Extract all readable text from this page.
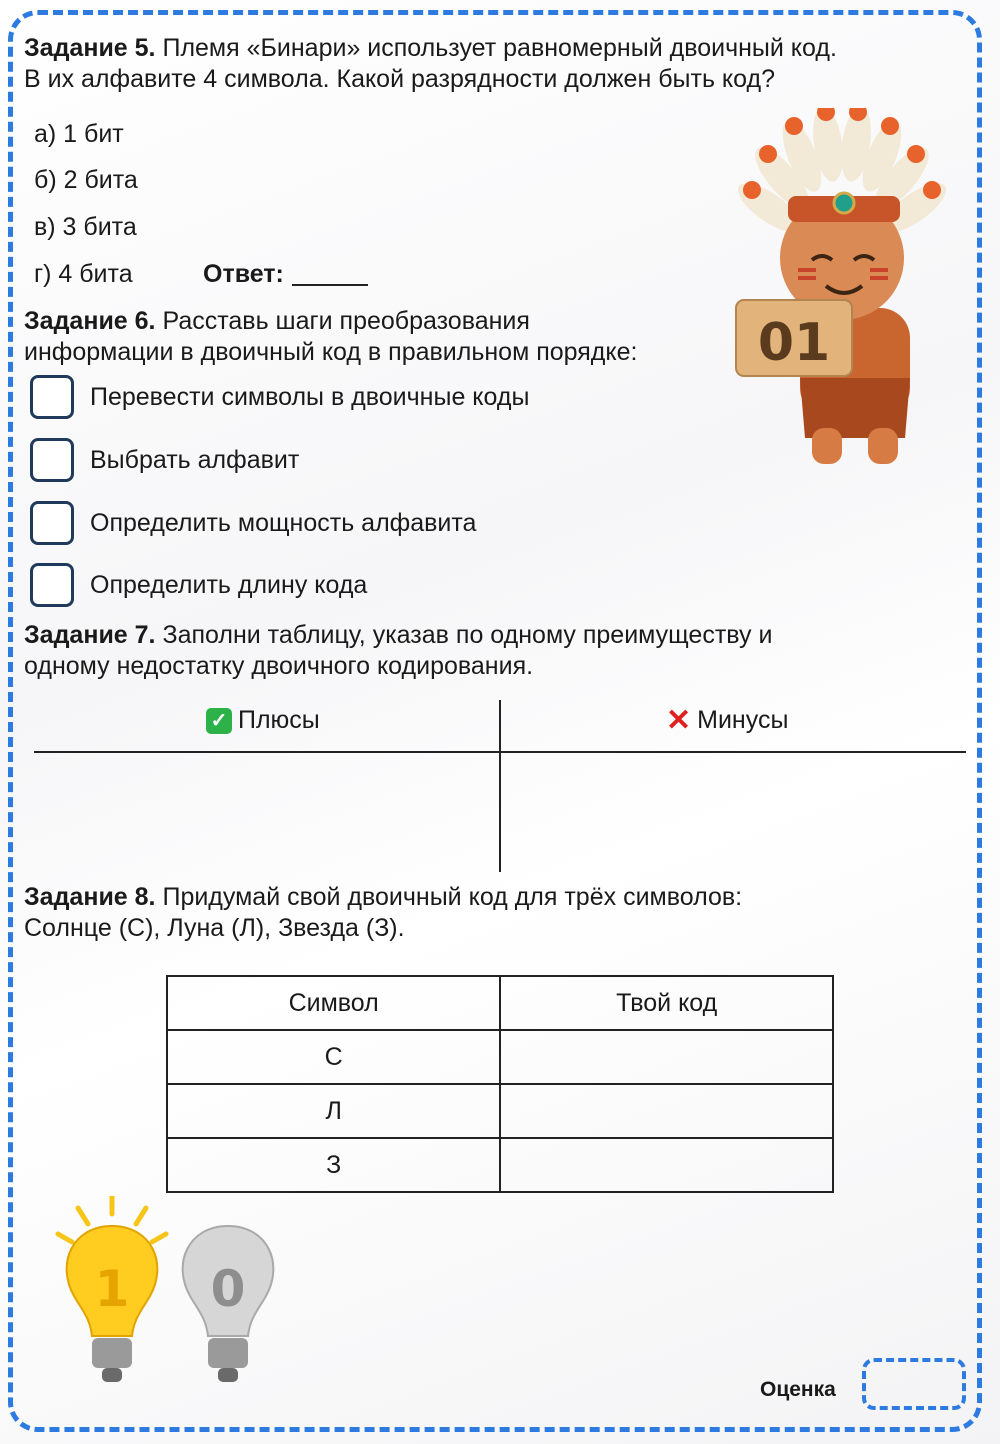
Задание 5. Племя «Бинари» использует равномерный двоичный код.
В их алфавите 4 символа. Какой разрядности должен быть код?
а) 1 бит
б) 2 бита
в) 3 бита
г) 4 бита	Ответ:
01
Задание 6. Расставь шаги преобразования
информации в двоичный код в правильном порядке:
Перевести символы в двоичные коды
Выбрать алфавит
Определить мощность алфавита
Определить длину кода
Задание 7. Заполни таблицу, указав по одному преимуществу и
одному недостатку двоичного кодирования.
✓ Плюсы	✕ Минусы
Задание 8. Придумай свой двоичный код для трёх символов:
Солнце (С), Луна (Л), Звезда (З).
Символ	Твой код
С	
Л	
З	
1 0
Оценка
